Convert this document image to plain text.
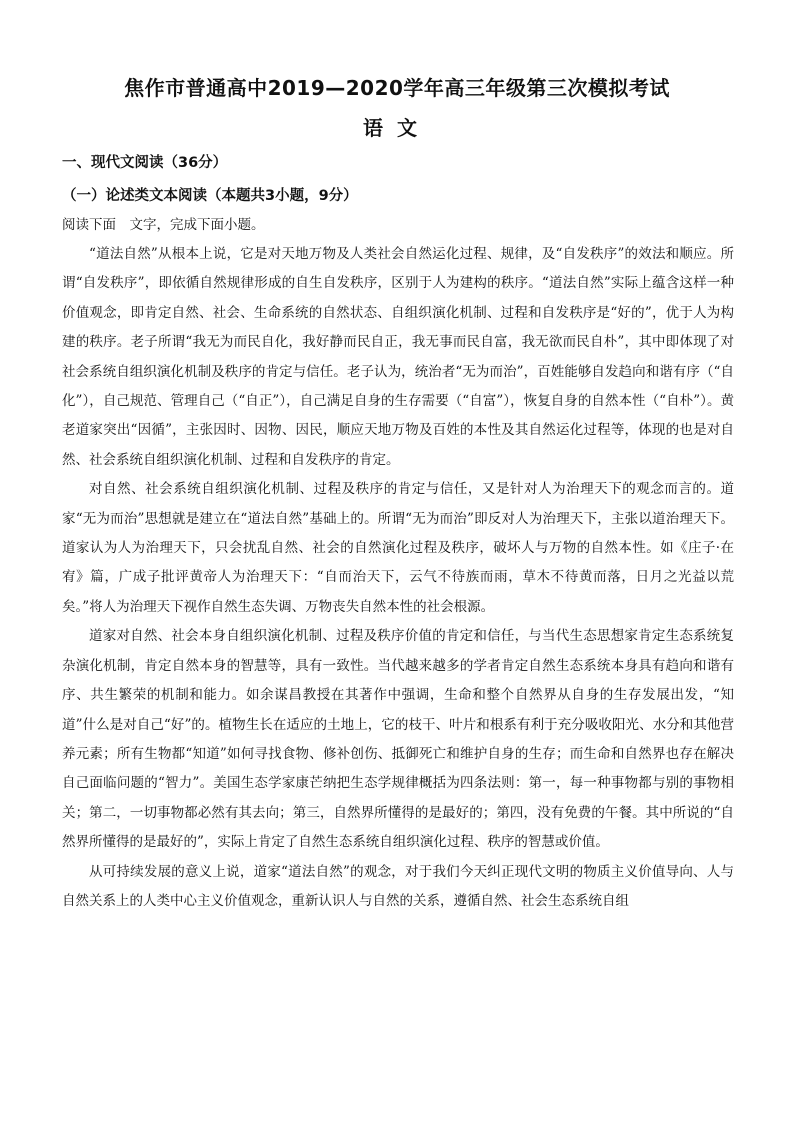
焦作市普通高中2019—2020学年高三年级第三次模拟考试
语文
一、现代文阅读（36分）
（一）论述类文本阅读（本题共3小题，9分）
阅读下面　文字，完成下面小题。

“道法自然”从根本上说，它是对天地万物及人类社会自然运化过程、规律，及“自发秩序”的效法和顺应。所谓“自发秩序”，即依循自然规律形成的自生自发秩序，区别于人为建构的秩序。“道法自然”实际上蕴含这样一种价值观念，即肯定自然、社会、生命系统的自然状态、自组织演化机制、过程和自发秩序是“好的”，优于人为构建的秩序。老子所谓“我无为而民自化，我好静而民自正，我无事而民自富，我无欲而民自朴”，其中即体现了对社会系统自组织演化机制及秩序的肯定与信任。老子认为，统治者“无为而治”，百姓能够自发趋向和谐有序（“自化”），自己规范、管理自己（“自正”），自己满足自身的生存需要（“自富”），恢复自身的自然本性（“自朴”）。黄老道家突出“因循”，主张因时、因物、因民，顺应天地万物及百姓的本性及其自然运化过程等，体现的也是对自然、社会系统自组织演化机制、过程和自发秩序的肯定。

对自然、社会系统自组织演化机制、过程及秩序的肯定与信任，又是针对人为治理天下的观念而言的。道家“无为而治”思想就是建立在“道法自然”基础上的。所谓“无为而治”即反对人为治理天下，主张以道治理天下。道家认为人为治理天下，只会扰乱自然、社会的自然演化过程及秩序，破坏人与万物的自然本性。如《庄子·在宥》篇，广成子批评黄帝人为治理天下：“自而治天下，云气不待族而雨，草木不待黄而落，日月之光益以荒矣。”将人为治理天下视作自然生态失调、万物丧失自然本性的社会根源。

道家对自然、社会本身自组织演化机制、过程及秩序价值的肯定和信任，与当代生态思想家肯定生态系统复杂演化机制，肯定自然本身的智慧等，具有一致性。当代越来越多的学者肯定自然生态系统本身具有趋向和谐有序、共生繁荣的机制和能力。如余谋昌教授在其著作中强调，生命和整个自然界从自身的生存发展出发，“知道”什么是对自己“好”的。植物生长在适应的土地上，它的枝干、叶片和根系有利于充分吸收阳光、水分和其他营养元素；所有生物都“知道”如何寻找食物、修补创伤、抵御死亡和维护自身的生存；而生命和自然界也存在解决自己面临问题的“智力”。美国生态学家康芒纳把生态学规律概括为四条法则：第一，每一种事物都与别的事物相关；第二，一切事物都必然有其去向；第三，自然界所懂得的是最好的；第四，没有免费的午餐。其中所说的“自然界所懂得的是最好的”，实际上肯定了自然生态系统自组织演化过程、秩序的智慧或价值。

从可持续发展的意义上说，道家“道法自然”的观念，对于我们今天纠正现代文明的物质主义价值导向、人与自然关系上的人类中心主义价值观念，重新认识人与自然的关系，遵循自然、社会生态系统自组
